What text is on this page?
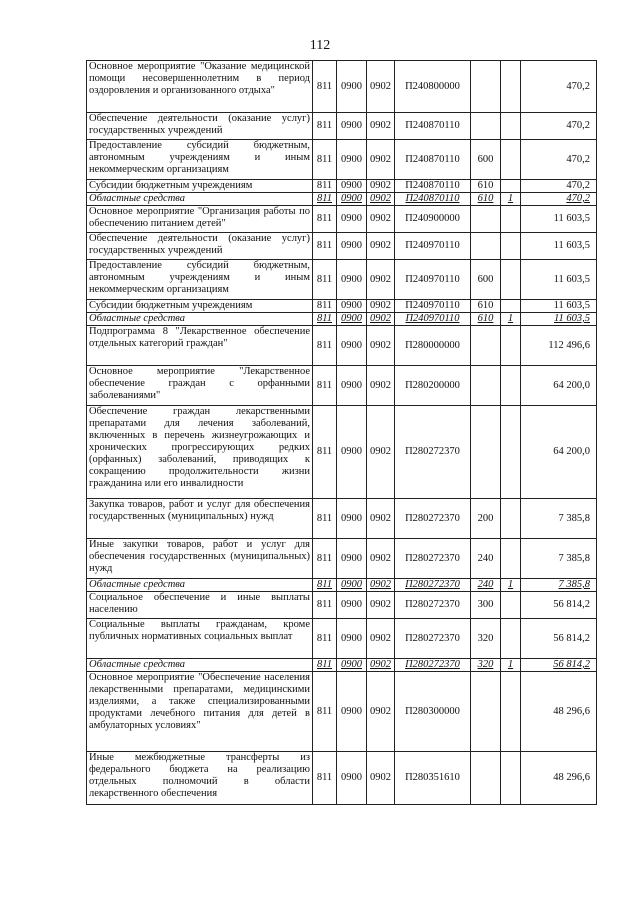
112
Основное мероприятие "Оказание медицинской помощи несовершеннолетним в период оздоровления и организованного отдыха"	811	0900	0902	П240800000			470,2
Обеспечение деятельности (оказание услуг) государственных учреждений	811	0900	0902	П240870110			470,2
Предоставление субсидий бюджетным, автономным учреждениям и иным некоммерческим организациям	811	0900	0902	П240870110	600		470,2
Субсидии бюджетным учреждениям	811	0900	0902	П240870110	610		470,2
Областные средства	811	0900	0902	П240870110	610	1	470,2
Основное мероприятие "Организация работы по обеспечению питанием детей"	811	0900	0902	П240900000			11 603,5
Обеспечение деятельности (оказание услуг) государственных учреждений	811	0900	0902	П240970110			11 603,5
Предоставление субсидий бюджетным, автономным учреждениям и иным некоммерческим организациям	811	0900	0902	П240970110	600		11 603,5
Субсидии бюджетным учреждениям	811	0900	0902	П240970110	610		11 603,5
Областные средства	811	0900	0902	П240970110	610	1	11 603,5
Подпрограмма 8 "Лекарственное обеспечение отдельных категорий граждан"	811	0900	0902	П280000000			112 496,6
Основное мероприятие "Лекарственное обеспечение граждан с орфанными заболеваниями"	811	0900	0902	П280200000			64 200,0
Обеспечение граждан лекарственными препаратами для лечения заболеваний, включенных в перечень жизнеугрожающих и хронических прогрессирующих редких (орфанных) заболеваний, приводящих к сокращению продолжительности жизни гражданина или его инвалидности	811	0900	0902	П280272370			64 200,0
Закупка товаров, работ и услуг для обеспечения государственных (муниципальных) нужд	811	0900	0902	П280272370	200		7 385,8
Иные закупки товаров, работ и услуг для обеспечения государственных (муниципальных) нужд	811	0900	0902	П280272370	240		7 385,8
Областные средства	811	0900	0902	П280272370	240	1	7 385,8
Социальное обеспечение и иные выплаты населению	811	0900	0902	П280272370	300		56 814,2
Социальные выплаты гражданам, кроме публичных нормативных социальных выплат	811	0900	0902	П280272370	320		56 814,2
Областные средства	811	0900	0902	П280272370	320	1	56 814,2
Основное мероприятие "Обеспечение населения лекарственными препаратами, медицинскими изделиями, а также специализированными продуктами лечебного питания для детей в амбулаторных условиях"	811	0900	0902	П280300000			48 296,6
Иные межбюджетные трансферты из федерального бюджета на реализацию отдельных полномочий в области лекарственного обеспечения	811	0900	0902	П280351610			48 296,6
